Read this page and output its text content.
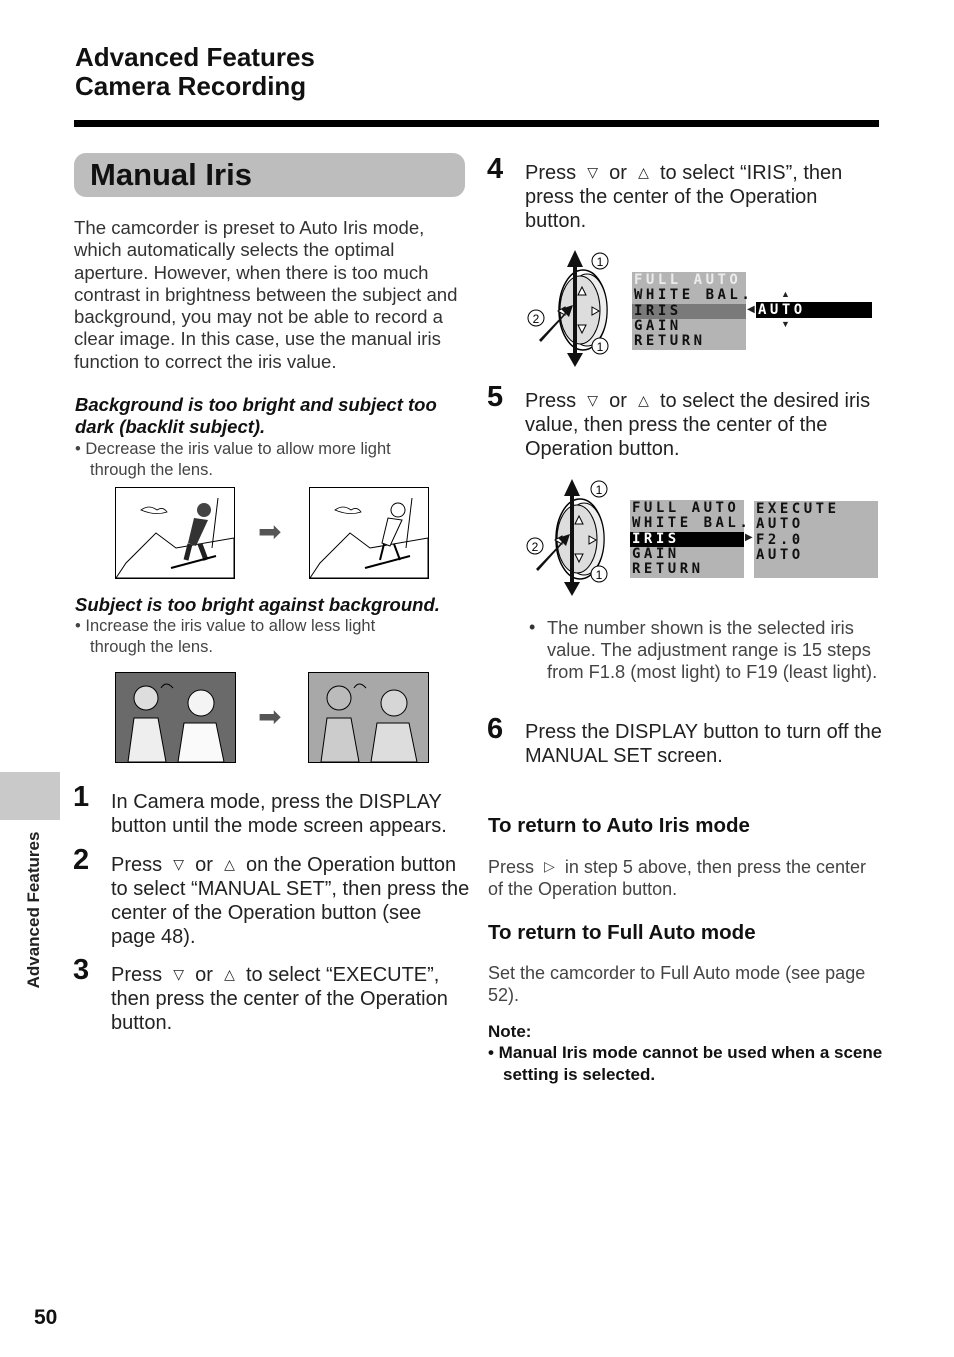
Advanced Features
Camera Recording
Manual Iris
The camcorder is preset to Auto Iris mode, which automatically selects the optimal aperture. However, when there is too much contrast in brightness between the subject and background, you may not be able to record a clear image. In this case, use the manual iris function to correct the iris value.
Background is too bright and subject too dark (backlit subject).
• Decrease the iris value to allow more light
through the lens.
➡
Subject is too bright against background.
• Increase the iris value to allow less light
through the lens.
➡
1 In Camera mode, press the DISPLAY button until the mode screen appears.
2 Press ▽ or △ on the Operation button to select “MANUAL SET”, then press the center of the Operation button (see page 48).
3 Press ▽ or △ to select “EXECUTE”, then press the center of the Operation button.
4 Press ▽ or △ to select “IRIS”, then press the center of the Operation button.
1
1
2
FULL AUTO
WHITE BAL.
IRIS
GAIN
RETURN
◀ AUTO
▲
▼
5 Press ▽ or △ to select the desired iris value, then press the center of the Operation button.
1
1
2
FULL AUTO
WHITE BAL.
IRIS
GAIN
RETURN
▶
EXECUTE
AUTO
F2.0
AUTO
• The number shown is the selected iris value. The adjustment range is 15 steps from F1.8 (most light) to F19 (least light).
6 Press the DISPLAY button to turn off the MANUAL SET screen.
To return to Auto Iris mode
Press ▷ in step 5 above, then press the center of the Operation button.
To return to Full Auto mode
Set the camcorder to Full Auto mode (see page 52).
Note:
• Manual Iris mode cannot be used when a scene setting is selected.
Advanced Features
50
